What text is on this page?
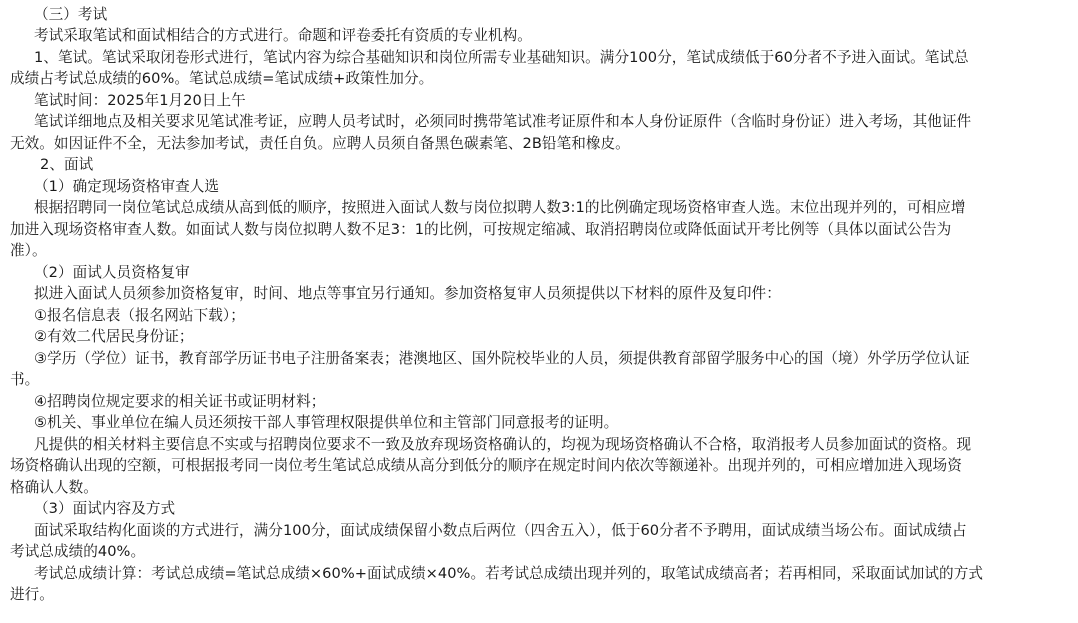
（三）考试
考试采取笔试和面试相结合的方式进行。命题和评卷委托有资质的专业机构。
1、笔试。笔试采取闭卷形式进行，笔试内容为综合基础知识和岗位所需专业基础知识。满分100分，笔试成绩低于60分者不予进入面试。笔试总
成绩占考试总成绩的60%。笔试总成绩=笔试成绩+政策性加分。
笔试时间：2025年1月20日上午
笔试详细地点及相关要求见笔试准考证，应聘人员考试时，必须同时携带笔试准考证原件和本人身份证原件（含临时身份证）进入考场，其他证件
无效。如因证件不全，无法参加考试，责任自负。应聘人员须自备黑色碳素笔、2B铅笔和橡皮。
2、面试
（1）确定现场资格审查人选
根据招聘同一岗位笔试总成绩从高到低的顺序，按照进入面试人数与岗位拟聘人数3:1的比例确定现场资格审查人选。末位出现并列的，可相应增
加进入现场资格审查人数。如面试人数与岗位拟聘人数不足3：1的比例，可按规定缩减、取消招聘岗位或降低面试开考比例等（具体以面试公告为
准）。
（2）面试人员资格复审
拟进入面试人员须参加资格复审，时间、地点等事宜另行通知。参加资格复审人员须提供以下材料的原件及复印件：
①报名信息表（报名网站下载）；
②有效二代居民身份证；
③学历（学位）证书，教育部学历证书电子注册备案表；港澳地区、国外院校毕业的人员，须提供教育部留学服务中心的国（境）外学历学位认证
书。
④招聘岗位规定要求的相关证书或证明材料；
⑤机关、事业单位在编人员还须按干部人事管理权限提供单位和主管部门同意报考的证明。
凡提供的相关材料主要信息不实或与招聘岗位要求不一致及放弃现场资格确认的，均视为现场资格确认不合格，取消报考人员参加面试的资格。现
场资格确认出现的空额，可根据报考同一岗位考生笔试总成绩从高分到低分的顺序在规定时间内依次等额递补。出现并列的，可相应增加进入现场资
格确认人数。
（3）面试内容及方式
面试采取结构化面谈的方式进行，满分100分，面试成绩保留小数点后两位（四舍五入），低于60分者不予聘用，面试成绩当场公布。面试成绩占
考试总成绩的40%。
考试总成绩计算：考试总成绩=笔试总成绩×60%+面试成绩×40%。若考试总成绩出现并列的，取笔试成绩高者；若再相同，采取面试加试的方式
进行。
